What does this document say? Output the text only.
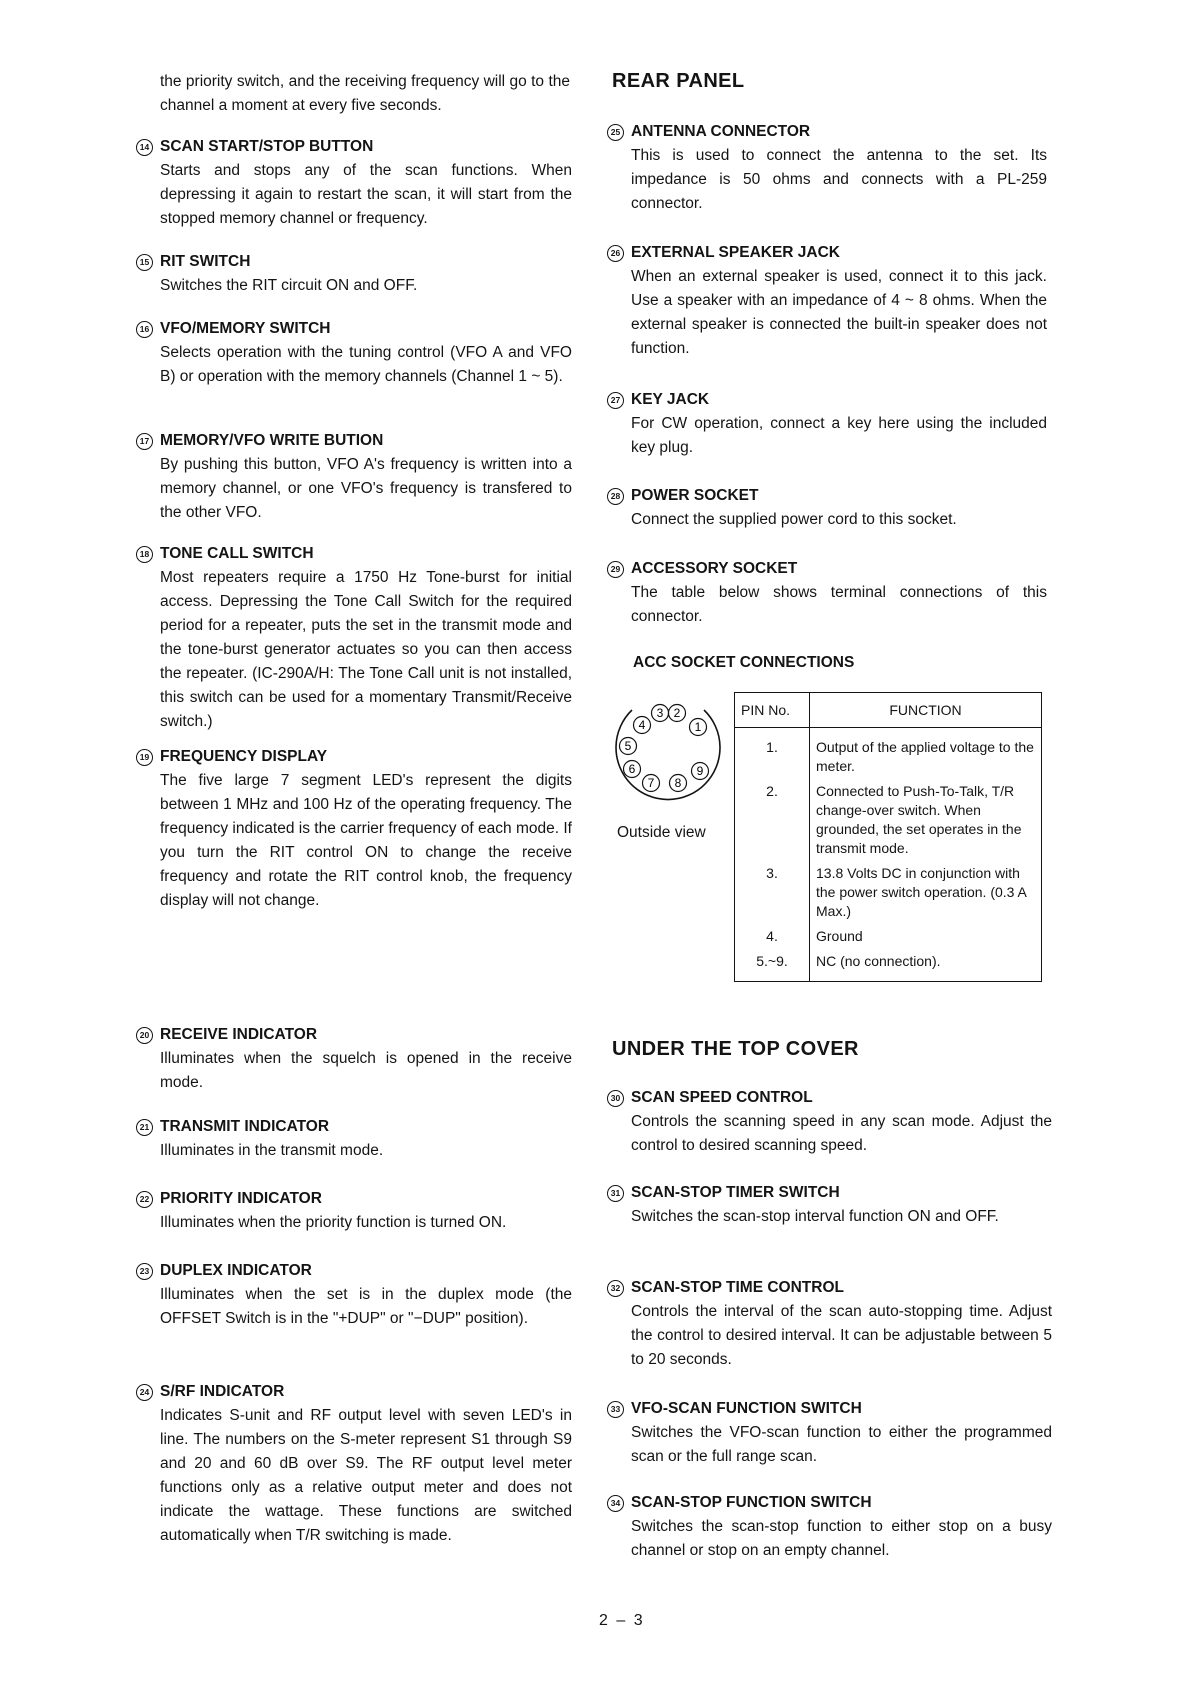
the priority switch, and the receiving frequency will go to the channel a moment at every five seconds.

14 SCAN START/STOP BUTTON
Starts and stops any of the scan functions. When depressing it again to restart the scan, it will start from the stopped memory channel or frequency.
15 RIT SWITCH
Switches the RIT circuit ON and OFF.
16 VFO/MEMORY SWITCH
Selects operation with the tuning control (VFO A and VFO B) or operation with the memory channels (Channel 1 ~ 5).
17 MEMORY/VFO WRITE BUTION
By pushing this button, VFO A's frequency is written into a memory channel, or one VFO's frequency is transfered to the other VFO.
18 TONE CALL SWITCH
Most repeaters require a 1750 Hz Tone-burst for initial access. Depressing the Tone Call Switch for the required period for a repeater, puts the set in the transmit mode and the tone-burst generator actuates so you can then access the repeater. (IC-290A/H: The Tone Call unit is not installed, this switch can be used for a momentary Transmit/Receive switch.)
19 FREQUENCY DISPLAY
The five large 7 segment LED's represent the digits between 1 MHz and 100 Hz of the operating frequency. The frequency indicated is the carrier frequency of each mode. If you turn the RIT control ON to change the receive frequency and rotate the RIT control knob, the frequency display will not change.
20 RECEIVE INDICATOR
Illuminates when the squelch is opened in the receive mode.
21 TRANSMIT INDICATOR
Illuminates in the transmit mode.
22 PRIORITY INDICATOR
Illuminates when the priority function is turned ON.
23 DUPLEX INDICATOR
Illuminates when the set is in the duplex mode (the OFFSET Switch is in the "+DUP" or "−DUP" position).
24 S/RF INDICATOR
Indicates S-unit and RF output level with seven LED's in line. The numbers on the S-meter represent S1 through S9 and 20 and 60 dB over S9. The RF output level meter functions only as a relative output meter and does not indicate the wattage. These functions are switched automatically when T/R switching is made.
REAR PANEL
25 ANTENNA CONNECTOR
This is used to connect the antenna to the set. Its impedance is 50 ohms and connects with a PL-259 connector.
26 EXTERNAL SPEAKER JACK
When an external speaker is used, connect it to this jack. Use a speaker with an impedance of 4 ~ 8 ohms. When the external speaker is connected the built-in speaker does not function.
27 KEY JACK
For CW operation, connect a key here using the included key plug.
28 POWER SOCKET
Connect the supplied power cord to this socket.
29 ACCESSORY SOCKET
The table below shows terminal connections of this connector.
ACC SOCKET CONNECTIONS
3 2
4	1
5
6	9
7 8
Outside view
PIN No.	FUNCTION
1.	Output of the applied voltage to the meter.
2.	Connected to Push-To-Talk, T/R change-over switch. When grounded, the set operates in the transmit mode.
3.	13.8 Volts DC in conjunction with the power switch operation. (0.3 A Max.)
4.	Ground
5.~9.	NC (no connection).
UNDER THE TOP COVER
30 SCAN SPEED CONTROL
Controls the scanning speed in any scan mode. Adjust the control to desired scanning speed.
31 SCAN-STOP TIMER SWITCH
Switches the scan-stop interval function ON and OFF.
32 SCAN-STOP TIME CONTROL
Controls the interval of the scan auto-stopping time. Adjust the control to desired interval. It can be adjustable between 5 to 20 seconds.
33 VFO-SCAN FUNCTION SWITCH
Switches the VFO-scan function to either the programmed scan or the full range scan.
34 SCAN-STOP FUNCTION SWITCH
Switches the scan-stop function to either stop on a busy channel or stop on an empty channel.
2 – 3
